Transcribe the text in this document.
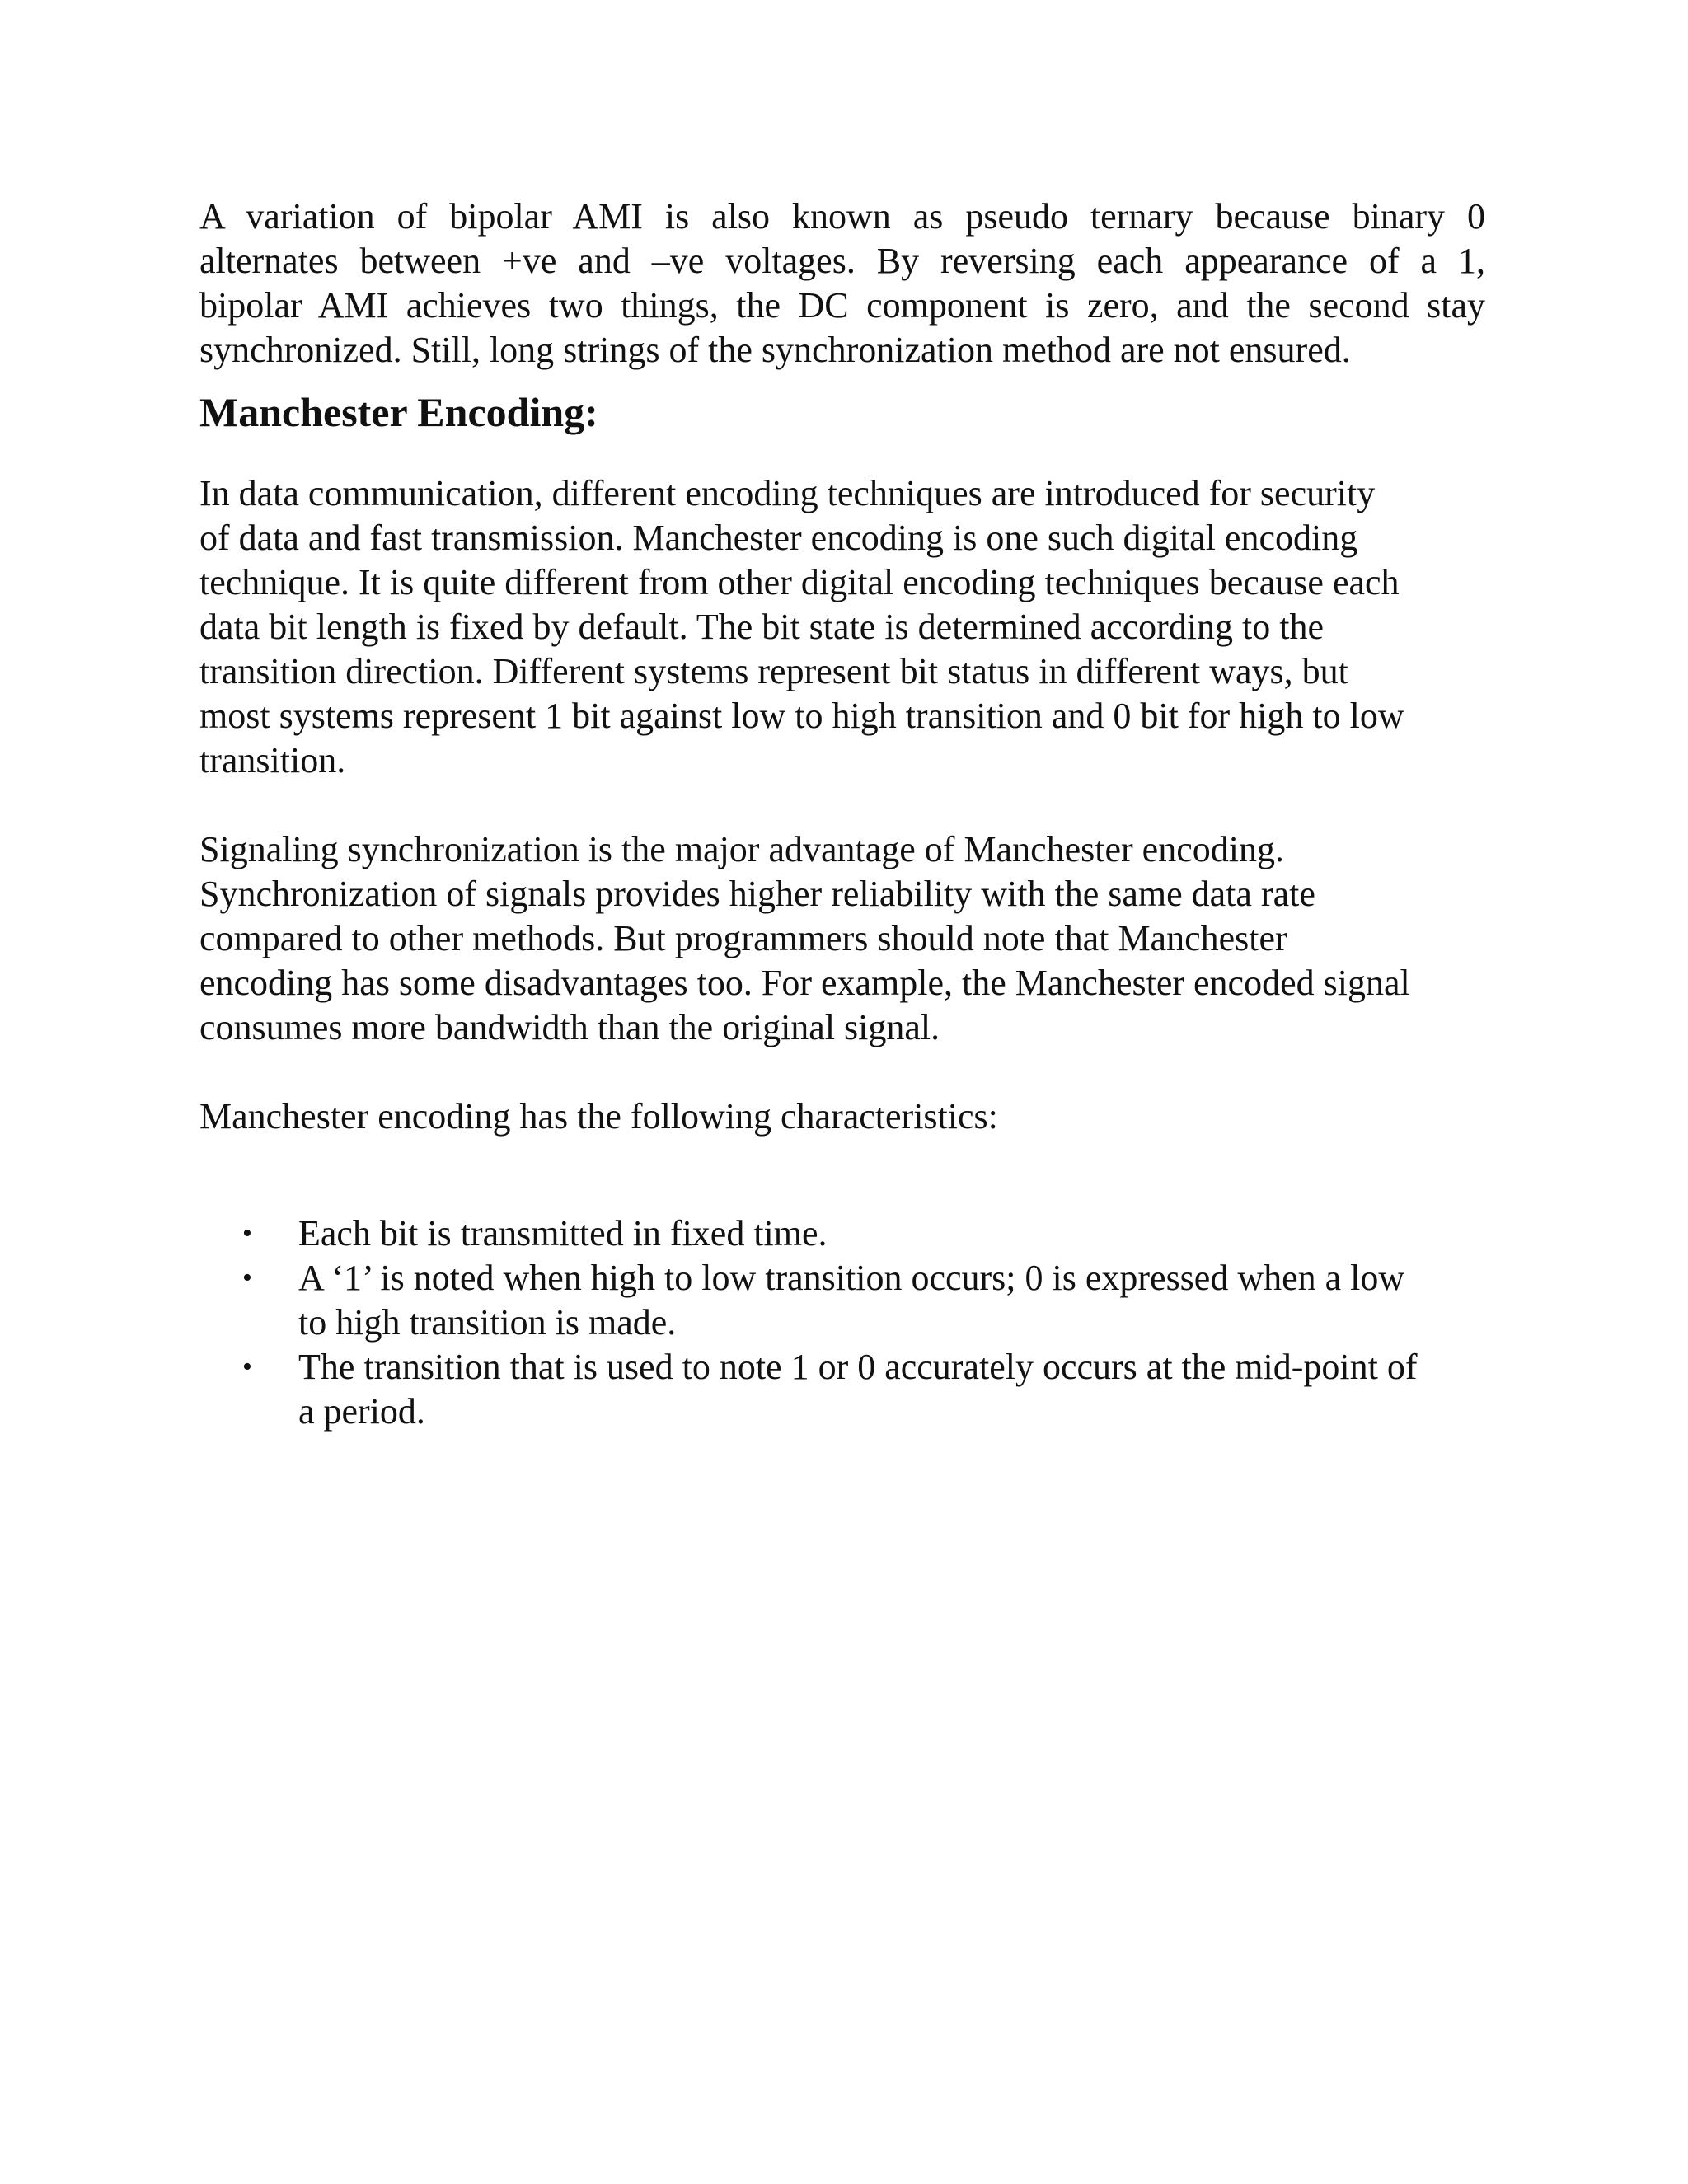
A variation of bipolar AMI is also known as pseudo ternary because binary 0
alternates between +ve and –ve voltages. By reversing each appearance of a 1,
bipolar AMI achieves two things, the DC component is zero, and the second stay
synchronized. Still, long strings of the synchronization method are not ensured.

Manchester Encoding:

In data communication, different encoding techniques are introduced for security
of data and fast transmission. Manchester encoding is one such digital encoding
technique. It is quite different from other digital encoding techniques because each
data bit length is fixed by default. The bit state is determined according to the
transition direction. Different systems represent bit status in different ways, but
most systems represent 1 bit against low to high transition and 0 bit for high to low
transition.

Signaling synchronization is the major advantage of Manchester encoding.
Synchronization of signals provides higher reliability with the same data rate
compared to other methods. But programmers should note that Manchester
encoding has some disadvantages too. For example, the Manchester encoded signal
consumes more bandwidth than the original signal.

Manchester encoding has the following characteristics:

• Each bit is transmitted in fixed time.
• A ‘1’ is noted when high to low transition occurs; 0 is expressed when a low
to high transition is made.
• The transition that is used to note 1 or 0 accurately occurs at the mid-point of
a period.
